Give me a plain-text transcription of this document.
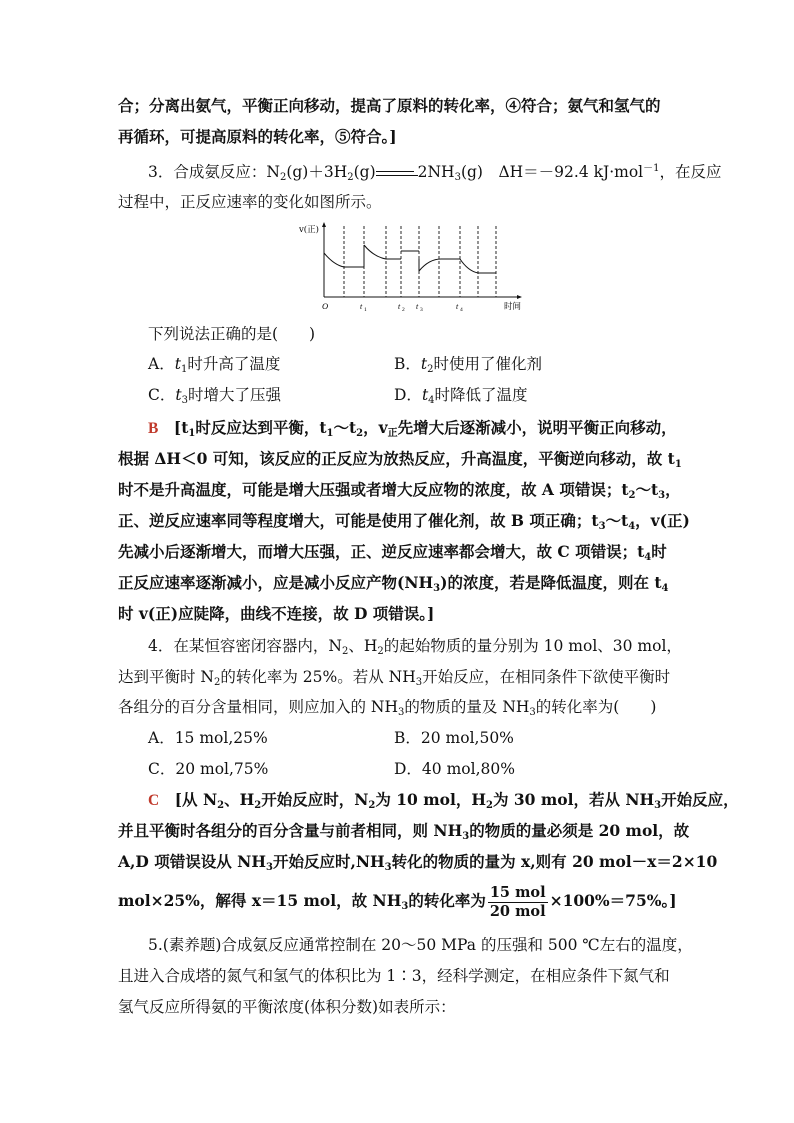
合；分离出氨气，平衡正向移动，提高了原料的转化率，④符合；氨气和氢气的
再循环，可提高原料的转化率，⑤符合。]
3．合成氨反应：$N_2(g)+3H_2(g)$	$2NH_3(g)$　ΔH＝－92.4 kJ·mol$^{-1}$，在反应
过程中，正反应速率的变化如图所示。
v(正)
O	时间
t 1	t 2 t 3	t 4
下列说法正确的是(　　)
A．$t_1$时升高了温度	B．$t_2$时使用了催化剂
C．$t_3$时增大了压强	D．$t_4$时降低了温度
B　 [$t_1$时反应达到平衡，$t_1\sim t_2$，$v_正$先增大后逐渐减小，说明平衡正向移动，
根据 ΔH＜0 可知，该反应的正反应为放热反应，升高温度，平衡逆向移动，故 $t_1$
时不是升高温度，可能是增大压强或者增大反应物的浓度，故 A 项错误；$t_2\sim t_3$，
正、逆反应速率同等程度增大，可能是使用了催化剂，故 B 项正确；$t_3\sim t_4$，v(正)
先减小后逐渐增大，而增大压强，正、逆反应速率都会增大，故 C 项错误；$t_4$时
正反应速率逐渐减小，应是减小反应产物$(NH_3)$的浓度，若是降低温度，则在 $t_4$
时 v(正)应陡降，曲线不连接，故 D 项错误。]
4．在某恒容密闭容器内，$N_2$、$H_2$的起始物质的量分别为 10 mol、30 mol，
达到平衡时 $N_2$的转化率为 25%。若从 $NH_3$开始反应，在相同条件下欲使平衡时
各组分的百分含量相同，则应加入的 $NH_3$的物质的量及 $NH_3$的转化率为(　　)
A．15 mol,25%	B．20 mol,50%
C．20 mol,75%	D．40 mol,80%
C　 [从 $N_2$、$H_2$开始反应时，$N_2$为 10 mol，$H_2$为 30 mol，若从 $NH_3$开始反应，
并且平衡时各组分的百分含量与前者相同，则 $NH_3$的物质的量必须是 20 mol，故
A,D 项错误设从 $NH_3$开始反应时$,NH_3$转化的物质的量为 x,则有 20 mol－x＝2×10
mol×25%，解得 x＝15 mol，故 $NH_3$的转化率为 $\frac{\text{15 mol}}{\text{20 mol}} \times 100\%=75\%$。]
5.(素养题)合成氨反应通常控制在 20～50 MPa 的压强和 500 ℃左右的温度，
且进入合成塔的氮气和氢气的体积比为 1∶3，经科学测定，在相应条件下氮气和
氢气反应所得氨的平衡浓度(体积分数)如表所示：
